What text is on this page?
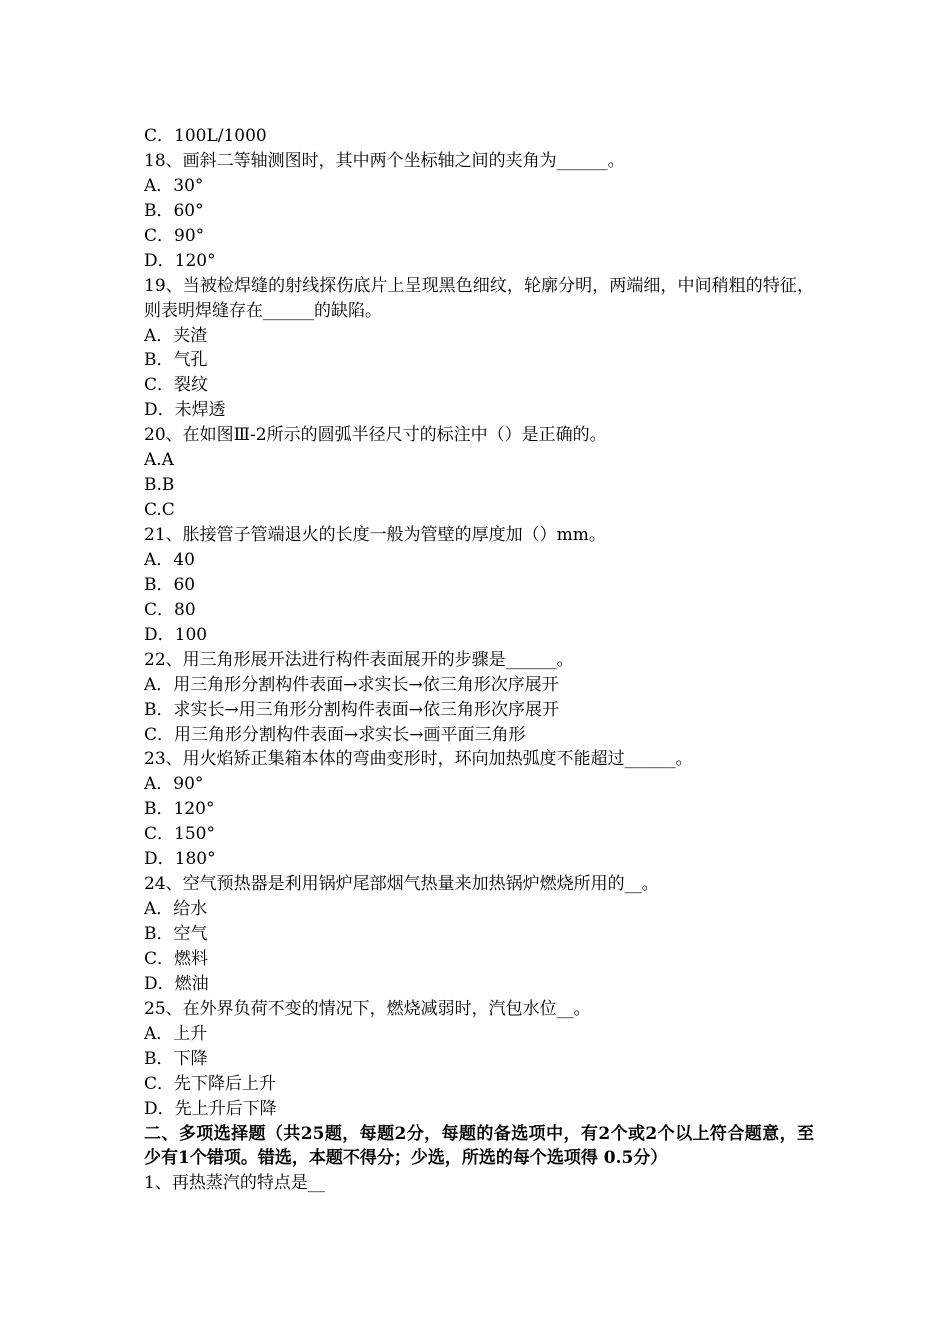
C．100L/1000
18、画斜二等轴测图时，其中两个坐标轴之间的夹角为______。
A．30°
B．60°
C．90°
D．120°
19、当被检焊缝的射线探伤底片上呈现黑色细纹，轮廓分明，两端细，中间稍粗的特征，则表明焊缝存在______的缺陷。
A．夹渣
B．气孔
C．裂纹
D．未焊透
20、在如图Ⅲ-2所示的圆弧半径尺寸的标注中（）是正确的。
A.A
B.B
C.C
21、胀接管子管端退火的长度一般为管壁的厚度加（）mm。
A．40
B．60
C．80
D．100
22、用三角形展开法进行构件表面展开的步骤是______。
A．用三角形分割构件表面→求实长→依三角形次序展开
B．求实长→用三角形分割构件表面→依三角形次序展开
C．用三角形分割构件表面→求实长→画平面三角形
23、用火焰矫正集箱本体的弯曲变形时，环向加热弧度不能超过______。
A．90°
B．120°
C．150°
D．180°
24、空气预热器是利用锅炉尾部烟气热量来加热锅炉燃烧所用的__。
A．给水
B．空气
C．燃料
D．燃油
25、在外界负荷不变的情况下，燃烧减弱时，汽包水位__。
A．上升
B．下降
C．先下降后上升
D．先上升后下降
二、多项选择题（共25题，每题2分，每题的备选项中，有2个或2个以上符合题意，至少有1个错项。错选，本题不得分；少选，所选的每个选项得 0.5分）
1、再热蒸汽的特点是__
